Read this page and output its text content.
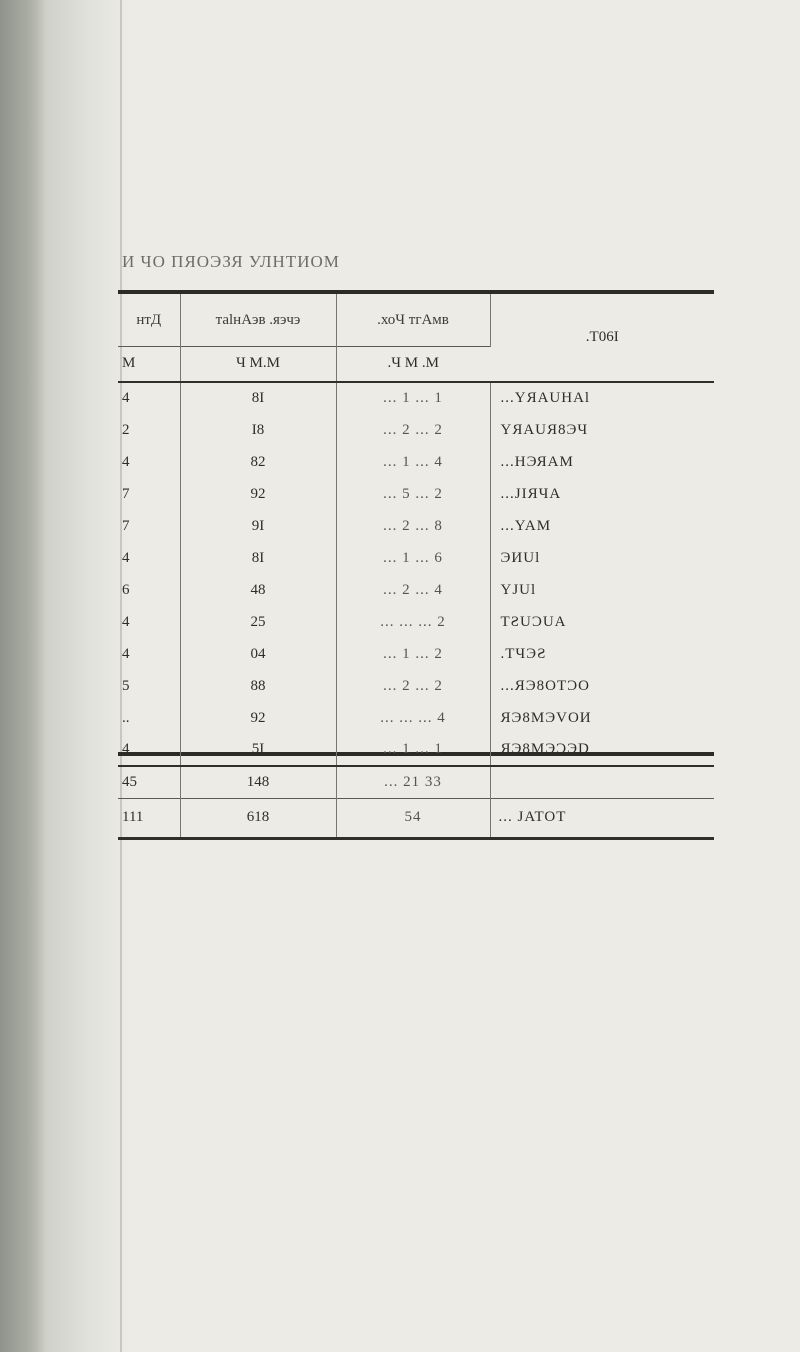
И ЧО ПЯОЭЗЯ УЛНТИОМ
нтД	таlнАэв .яэчэ	.хоЧ тгАмв	.Т06I
M	Ч М.М	.Ч М .М	
4	8I	... 1 ... 1	...YЯAUHAl
2	I8	... 2 ... 2	YЯAUЯ8ЭЧ
4	82	... 1 ... 4	...НЭЯAM
7	92	... 5 ... 2	...JIЯЧA
7	9I	... 2 ... 8	...YAM
4	8I	... 1 ... 6	ЭИUl
6	48	... 2 ... 4	YJUl
4	25	... ... ... 2	TƧUƆUA
4	04	... 1 ... 2	.TЧЭƧ
5	88	... 2 ... 2	...ЯЭ8OTƆO
..	92	... ... ... 4	ЯЭ8MЭVOИ
4	5I	... 1 ... 1	ЯЭ8MЭƆЭD
45	148	... 21 33	
111	618	54	... JATOT
